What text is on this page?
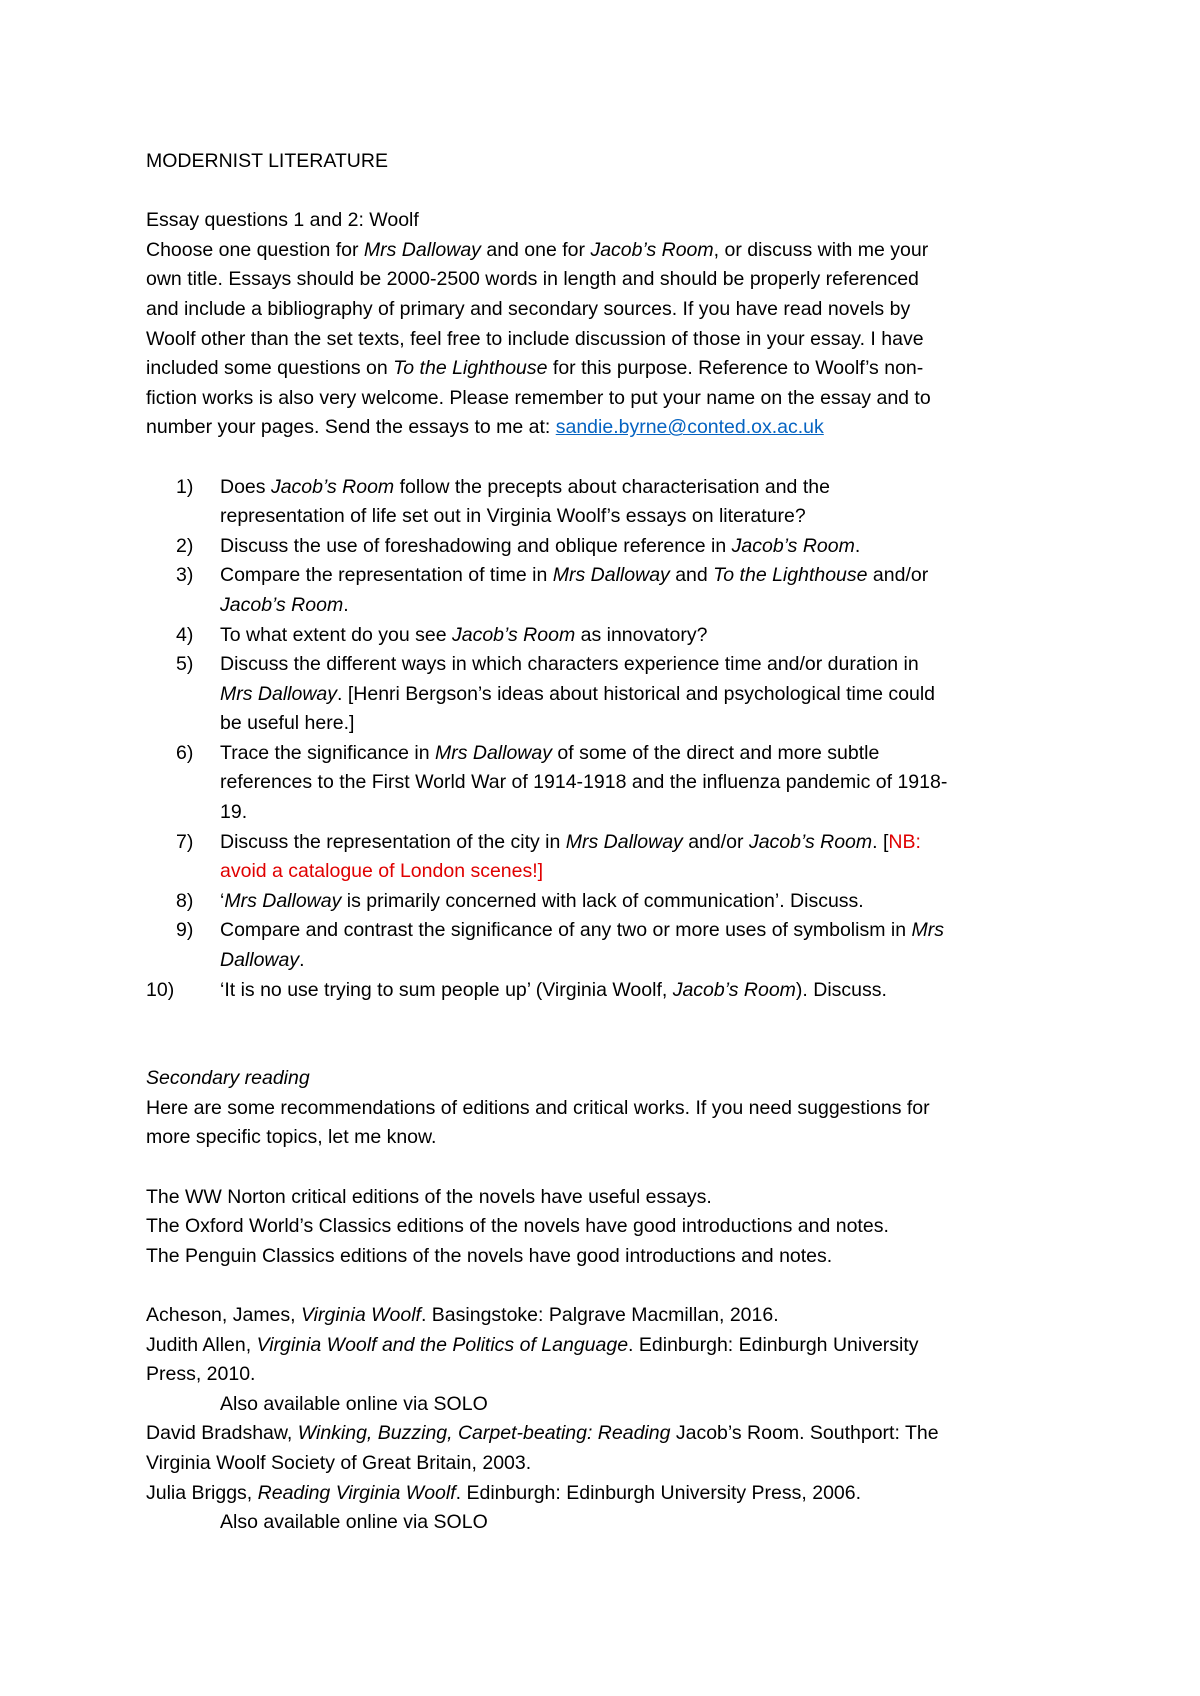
MODERNIST LITERATURE

Essay questions 1 and 2: Woolf

Choose one question for Mrs Dalloway and one for Jacob’s Room, or discuss with me your

own title. Essays should be 2000-2500 words in length and should be properly referenced

and include a bibliography of primary and secondary sources. If you have read novels by

Woolf other than the set texts, feel free to include discussion of those in your essay. I have

included some questions on To the Lighthouse for this purpose. Reference to Woolf’s non-

fiction works is also very welcome. Please remember to put your name on the essay and to

number your pages. Send the essays to me at: sandie.byrne@conted.ox.ac.uk

1) Does Jacob’s Room follow the precepts about characterisation and the
representation of life set out in Virginia Woolf’s essays on literature?
2) Discuss the use of foreshadowing and oblique reference in Jacob’s Room.
3) Compare the representation of time in Mrs Dalloway and To the Lighthouse and/or
Jacob’s Room.
4) To what extent do you see Jacob’s Room as innovatory?
5) Discuss the different ways in which characters experience time and/or duration in
Mrs Dalloway. [Henri Bergson’s ideas about historical and psychological time could
be useful here.]
6) Trace the significance in Mrs Dalloway of some of the direct and more subtle
references to the First World War of 1914-1918 and the influenza pandemic of 1918-
19.
7) Discuss the representation of the city in Mrs Dalloway and/or Jacob’s Room. [NB:
avoid a catalogue of London scenes!]
8) ‘Mrs Dalloway is primarily concerned with lack of communication’. Discuss.
9) Compare and contrast the significance of any two or more uses of symbolism in Mrs
Dalloway.
10) ‘It is no use trying to sum people up’ (Virginia Woolf, Jacob’s Room). Discuss.

Secondary reading

Here are some recommendations of editions and critical works. If you need suggestions for

more specific topics, let me know.

The WW Norton critical editions of the novels have useful essays.

The Oxford World’s Classics editions of the novels have good introductions and notes.

The Penguin Classics editions of the novels have good introductions and notes.

Acheson, James, Virginia Woolf. Basingstoke: Palgrave Macmillan, 2016.

Judith Allen, Virginia Woolf and the Politics of Language. Edinburgh: Edinburgh University

Press, 2010.

Also available online via SOLO

David Bradshaw, Winking, Buzzing, Carpet-beating: Reading Jacob’s Room. Southport: The

Virginia Woolf Society of Great Britain, 2003.

Julia Briggs, Reading Virginia Woolf. Edinburgh: Edinburgh University Press, 2006.

Also available online via SOLO
